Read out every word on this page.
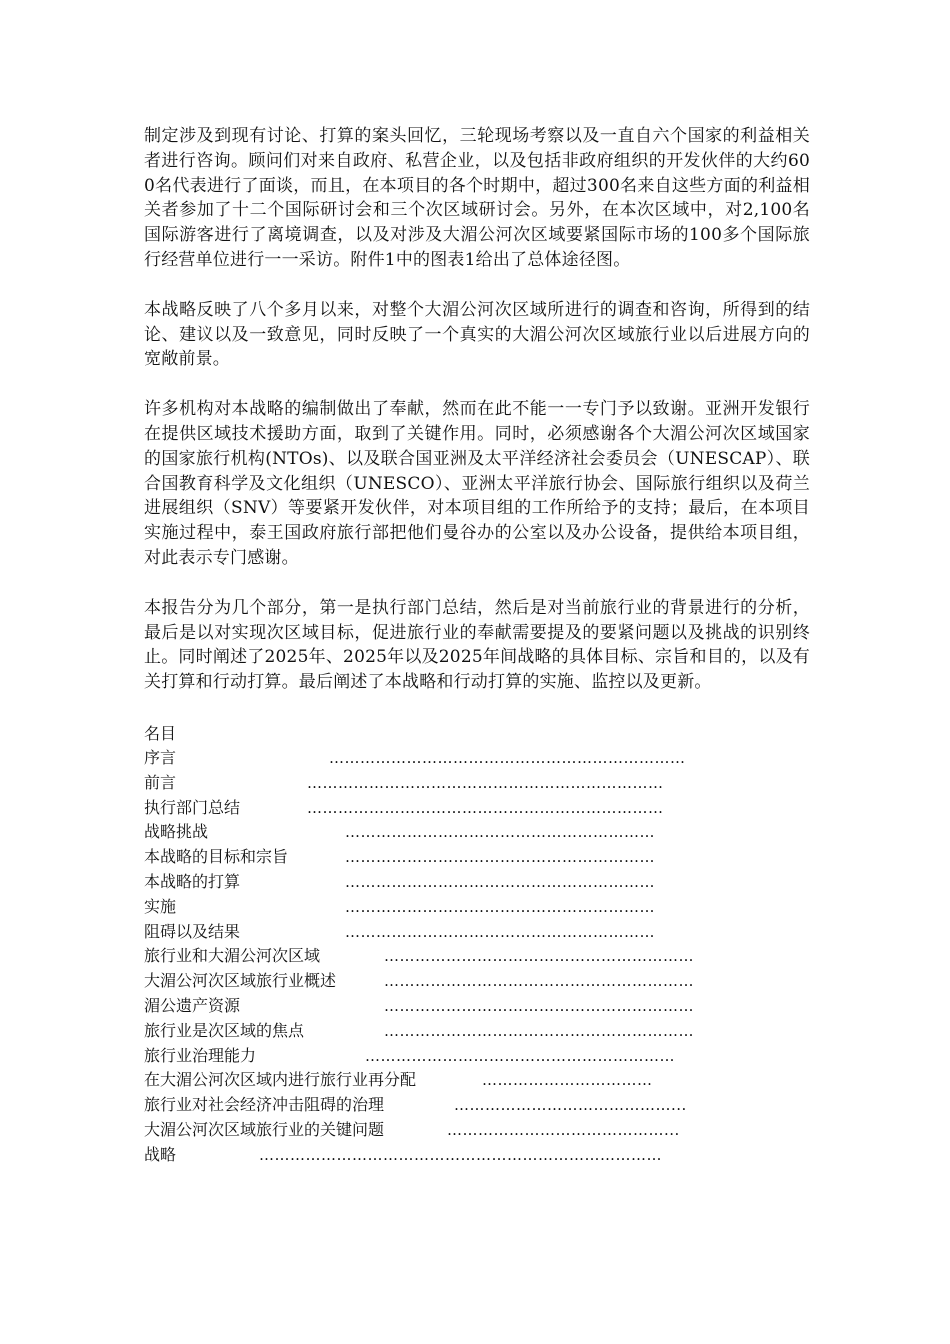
制定涉及到现有讨论、打算的案头回忆，三轮现场考察以及一直自六个国家的利益相关者进行咨询。顾问们对来自政府、私营企业，以及包括非政府组织的开发伙伴的大约600名代表进行了面谈，而且，在本项目的各个时期中，超过300名来自这些方面的利益相关者参加了十二个国际研讨会和三个次区域研讨会。另外，在本次区域中，对2,100名国际游客进行了离境调查，以及对涉及大湄公河次区域要紧国际市场的100多个国际旅行经营单位进行一一采访。附件1中的图表1给出了总体途径图。

本战略反映了八个多月以来，对整个大湄公河次区域所进行的调查和咨询，所得到的结论、建议以及一致意见，同时反映了一个真实的大湄公河次区域旅行业以后进展方向的宽敞前景。

许多机构对本战略的编制做出了奉献，然而在此不能一一专门予以致谢。亚洲开发银行在提供区域技术援助方面，取到了关键作用。同时，必须感谢各个大湄公河次区域国家的国家旅行机构(NTOs)、以及联合国亚洲及太平洋经济社会委员会（UNESCAP）、联合国教育科学及文化组织（UNESCO）、亚洲太平洋旅行协会、国际旅行组织以及荷兰进展组织（SNV）等要紧开发伙伴，对本项目组的工作所给予的支持；最后，在本项目实施过程中，泰王国政府旅行部把他们曼谷办的公室以及办公设备，提供给本项目组，对此表示专门感谢。

本报告分为几个部分，第一是执行部门总结，然后是对当前旅行业的背景进行的分析，最后是以对实现次区域目标，促进旅行业的奉献需要提及的要紧问题以及挑战的识别终止。同时阐述了2025年、2025年以及2025年间战略的具体目标、宗旨和目的，以及有关打算和行动打算。最后阐述了本战略和行动打算的实施、监控以及更新。

名目
序言	……………………………………………………………
前言	……………………………………………………………
执行部门总结	……………………………………………………………
战略挑战	……………………………………………………
本战略的目标和宗旨	……………………………………………………
本战略的打算	……………………………………………………
实施	……………………………………………………
阻碍以及结果	……………………………………………………
旅行业和大湄公河次区域	……………………………………………………
大湄公河次区域旅行业概述	……………………………………………………
湄公遗产资源	……………………………………………………
旅行业是次区域的焦点	……………………………………………………
旅行业治理能力	……………………………………………………
在大湄公河次区域内进行旅行业再分配	……………………………
旅行业对社会经济冲击阻碍的治理	……………………………………...
大湄公河次区域旅行业的关键问题	……………………………………...
战略	……………………………………………………………………
